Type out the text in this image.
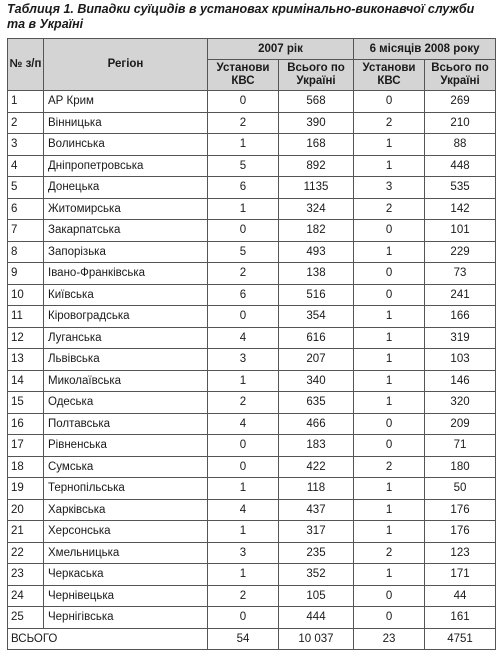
Таблиця 1. Випадки суїцидів в установах кримінально-виконавчої служби та в Україні
№ з/п	Регіон	2007 рік		6 місяців 2008 року	
		Установи КВС	Всього по Україні	Установи КВС	Всього по Україні
1	АР Крим	0	568	0	269
2	Вінницька	2	390	2	210
3	Волинська	1	168	1	88
4	Дніпропетровська	5	892	1	448
5	Донецька	6	1135	3	535
6	Житомирська	1	324	2	142
7	Закарпатська	0	182	0	101
8	Запорізька	5	493	1	229
9	Івано-Франківська	2	138	0	73
10	Київська	6	516	0	241
11	Кіровоградська	0	354	1	166
12	Луганська	4	616	1	319
13	Львівська	3	207	1	103
14	Миколаївська	1	340	1	146
15	Одеська	2	635	1	320
16	Полтавська	4	466	0	209
17	Рівненська	0	183	0	71
18	Сумська	0	422	2	180
19	Тернопільська	1	118	1	50
20	Харківська	4	437	1	176
21	Херсонська	1	317	1	176
22	Хмельницька	3	235	2	123
23	Черкаська	1	352	1	171
24	Чернівецька	2	105	0	44
25	Чернігівська	0	444	0	161
ВСЬОГО		54	10 037	23	4751
